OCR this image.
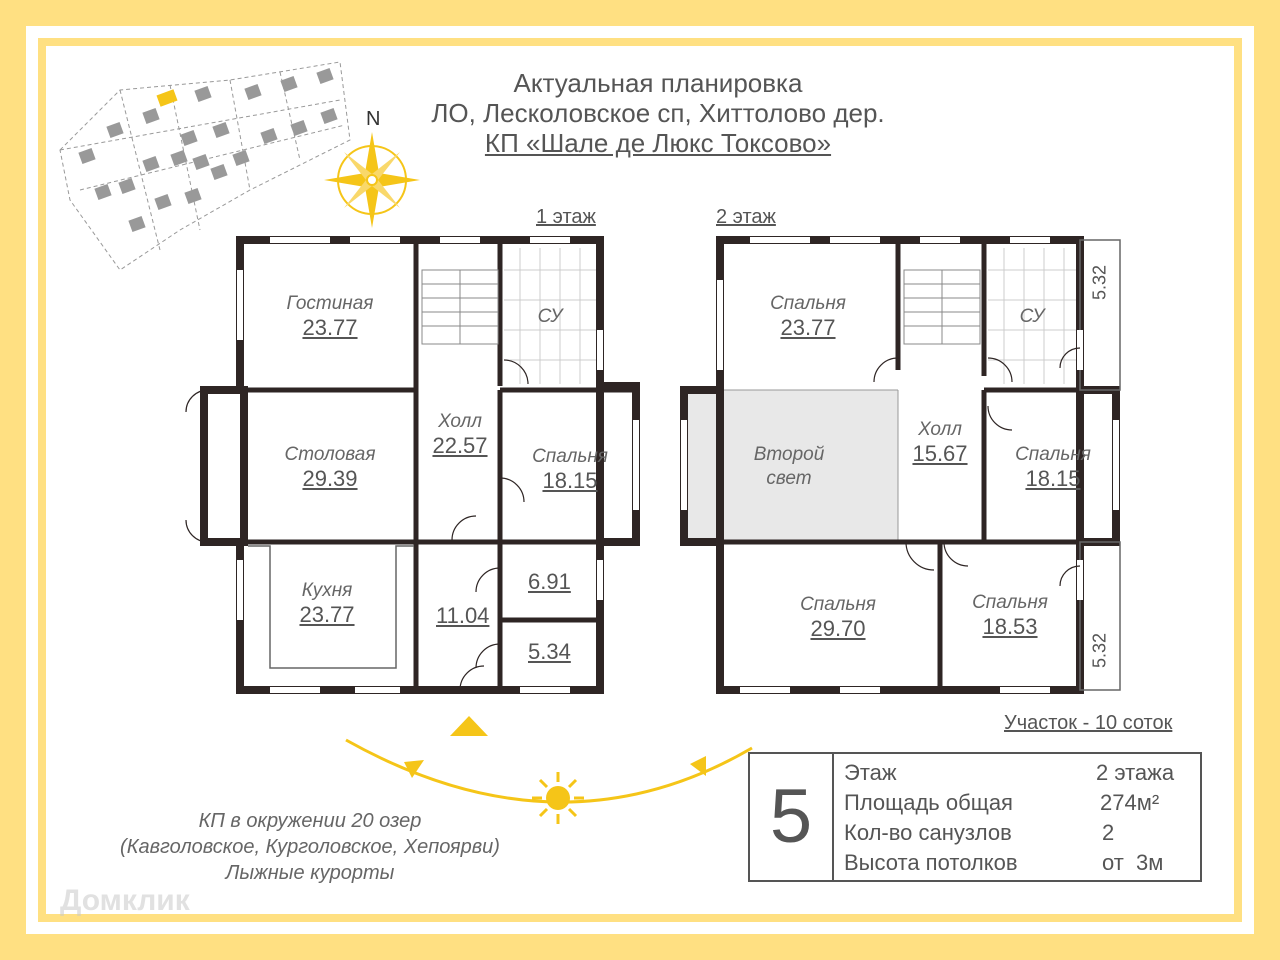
Актуальная планировка
ЛО, Лесколовское сп, Хиттолово дер.
КП «Шале де Люкс Токсово»
N
1 этаж	2 этаж
Гостиная
23.77	СУ
Холл
22.57
Столовая
29.39
Спальня
18.15
Кухня
23.77	11.04
6.91
5.34
Спальня
23.77	СУ
Второй свет
Холл
15.67	Спальня
18.15
Спальня
29.70
Спальня
18.53
5.32
5.32
Участок - 10 соток
5
Этаж	2 этажа
Площадь общая	274м²
Кол-во санузлов	2
Высота потолков	от  3м
КП в окружении 20 озер
(Кавголовское, Курголовское, Хепоярви)
Лыжные курорты
Домклик
